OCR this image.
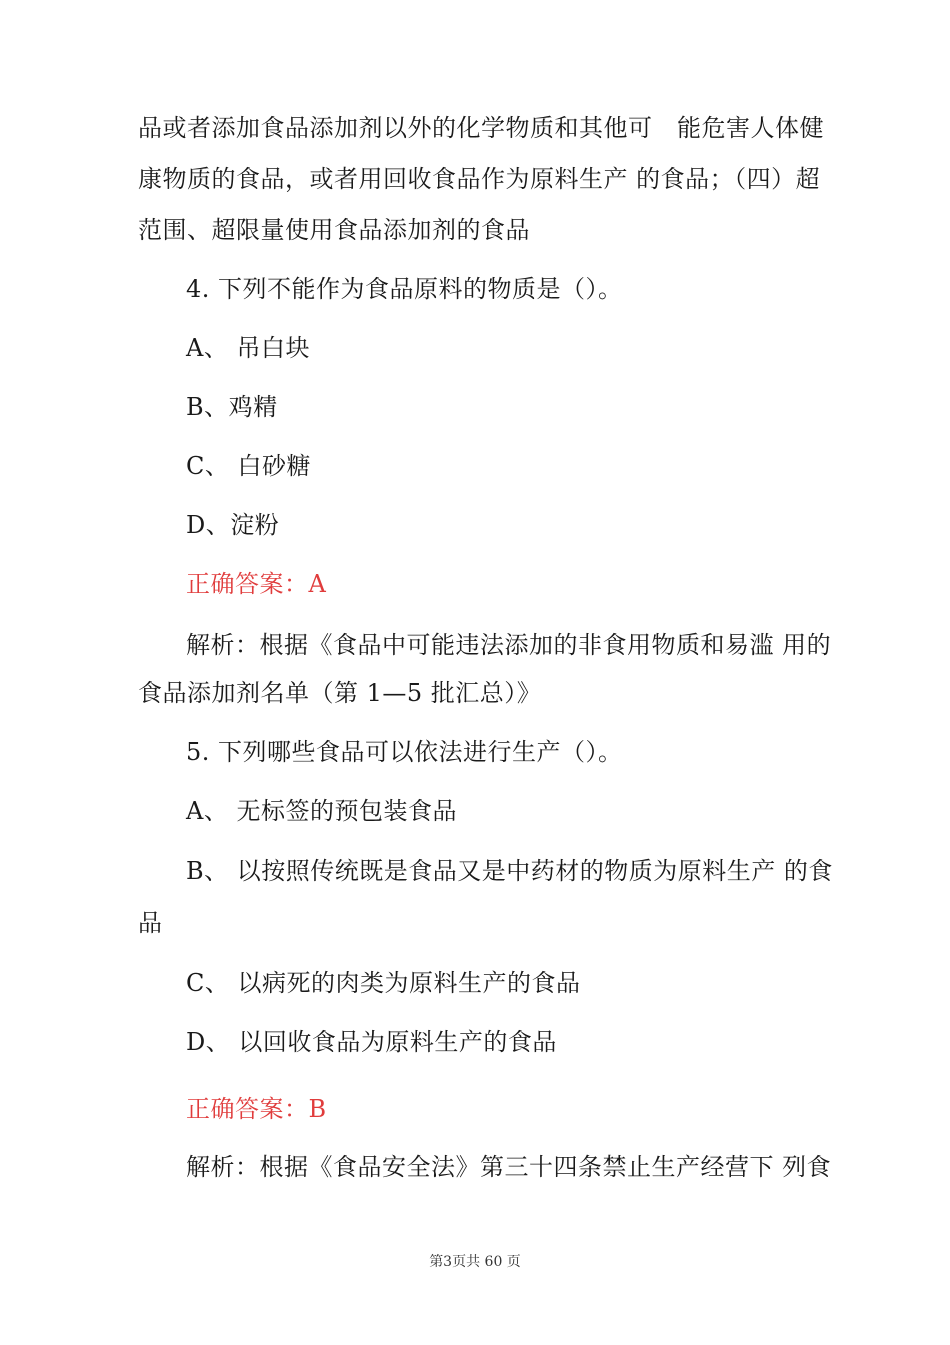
品或者添加食品添加剂以外的化学物质和其他可　能危害人体健
康物质的食品，或者用回收食品作为原料生产 的食品；（四）超
范围、超限量使用食品添加剂的食品
4. 下列不能作为食品原料的物质是（）。
A、 吊白块
B、鸡精
C、 白砂糖
D、淀粉
正确答案：A
解析：根据《食品中可能违法添加的非食用物质和易滥 用的
食品添加剂名单（第 1—5 批汇总）》
5. 下列哪些食品可以依法进行生产（）。
A、 无标签的预包装食品
B、 以按照传统既是食品又是中药材的物质为原料生产 的食
品
C、 以病死的肉类为原料生产的食品
D、 以回收食品为原料生产的食品
正确答案：B
解析：根据《食品安全法》第三十四条禁止生产经营下 列食
第3页共 60 页
